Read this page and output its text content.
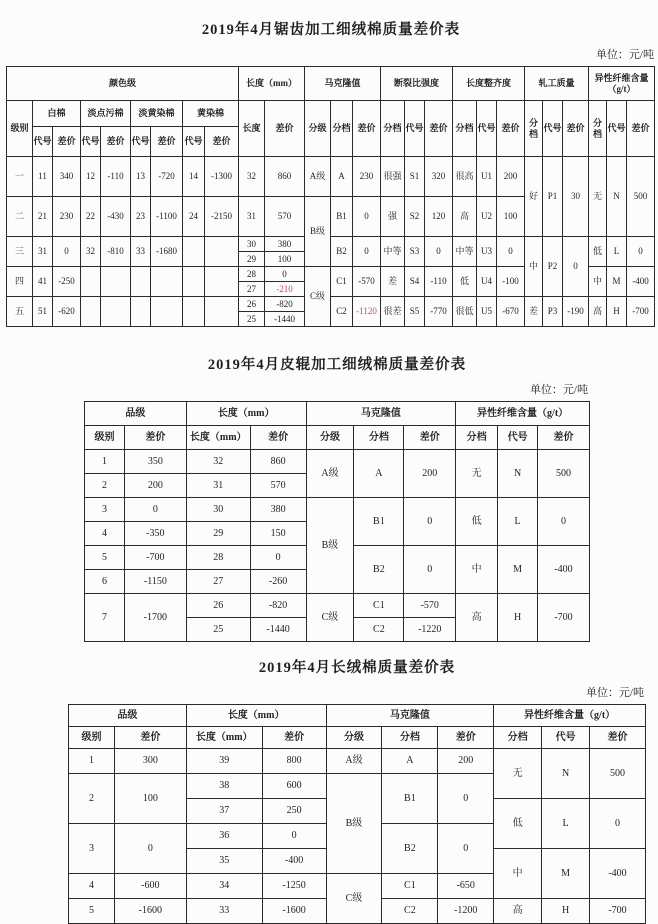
2019年4月锯齿加工细绒棉质量差价表
单位：元/吨
颜色级									长度（mm）		马克隆值			断裂比强度			长度整齐度			轧工质量			异性纤维含量（g/t）		
级别	白棉		淡点污棉		淡黄染棉		黄染棉		长度	差价	分级	分档	差价	分档	代号	差价	分档	代号	差价	分档	代号	差价	分档	代号	差价
	代号	差价	代号	差价	代号	差价	代号	差价																	
一	11	340	12	-110	13	-720	14	-1300	32	860	A级	A	230	很强	S1	320	很高	U1	200	好	P1	30	无	N	500
二	21	230	22	-430	23	-1100	24	-2150	31	570	B级	B1	0	强	S2	120	高	U2	100						
三	31	0	32	-810	33	-1680			30	380		B2	0	中等	S3	0	中等	U3	0	中	P2	0	低	L	0
									29	100															
四	41	-250							28	0	C级	C1	-570	差	S4	-110	低	U4	-100				中	M	-400
									27	-210															
五	51	-620							26	-820		C2	-1120	很差	S5	-770	很低	U5	-670	差	P3	-190	高	H	-700
									25	-1440															
2019年4月皮辊加工细绒棉质量差价表
单位：元/吨
品级		长度（mm）		马克隆值			异性纤维含量（g/t）		
级别	差价	长度（mm）	差价	分级	分档	差价	分档	代号	差价
1	350	32	860	A级	A	200	无	N	500
2	200	31	570						
3	0	30	380	B级	B1	0	低	L	0
4	-350	29	150						
5	-700	28	0		B2	0	中	M	-400
6	-1150	27	-260						
7	-1700	26	-820	C级	C1	-570	高	H	-700
		25	-1440		C2	-1220			
2019年4月长绒棉质量差价表
单位：元/吨
品级		长度（mm）		马克隆值			异性纤维含量（g/t）		
级别	差价	长度（mm）	差价	分级	分档	差价	分档	代号	差价
1	300	39	800	A级	A	200	无	N	500
2	100	38	600	B级	B1	0			
		37	250				低	L	0
3	0	36	0		B2	0			
		35	-400				中	M	-400
4	-600	34	-1250	C级	C1	-650			
5	-1600	33	-1600		C2	-1200	高	H	-700
